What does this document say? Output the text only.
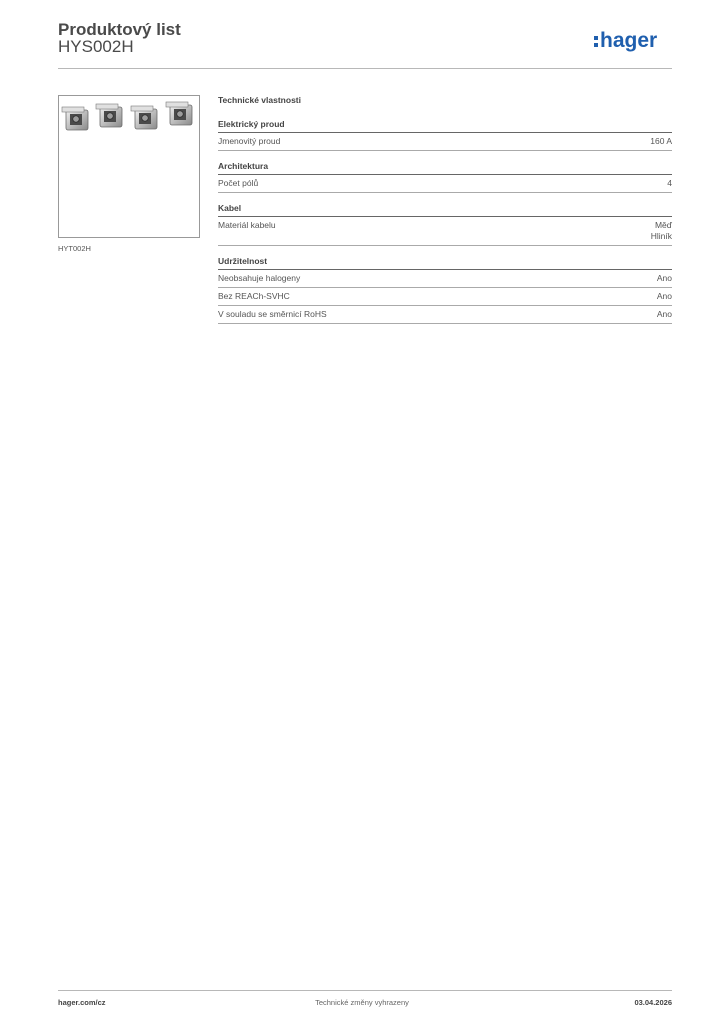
Produktový list
HYS002H	hager
HYT002H
Technické vlastnosti
Elektrický proud
Jmenovitý proud	160 A
Architektura
Počet pólů	4
Kabel
Materiál kabelu	Měď
Hliník
Udržitelnost
Neobsahuje halogeny	Ano
Bez REACh-SVHC	Ano
V souladu se směrnicí RoHS	Ano
hager.com/cz	Technické změny vyhrazeny	03.04.2026
